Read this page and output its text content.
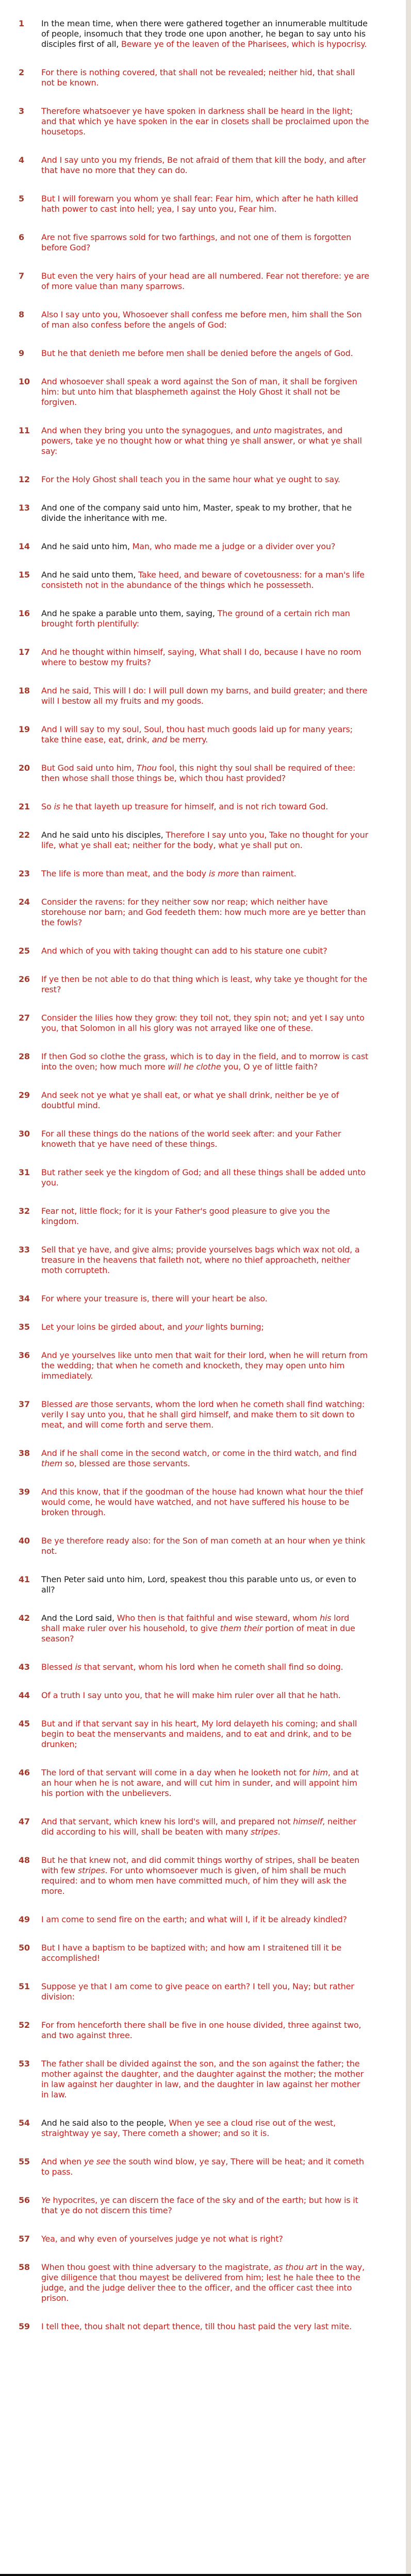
1	In the mean time, when there were gathered together an innumerable multitude of people, insomuch that they trode one upon another, he began to say unto his disciples first of all, Beware ye of the leaven of the Pharisees, which is hypocrisy.
2	For there is nothing covered, that shall not be revealed; neither hid, that shall not be known.
3	Therefore whatsoever ye have spoken in darkness shall be heard in the light; and that which ye have spoken in the ear in closets shall be proclaimed upon the housetops.
4	And I say unto you my friends, Be not afraid of them that kill the body, and after that have no more that they can do.
5	But I will forewarn you whom ye shall fear: Fear him, which after he hath killed hath power to cast into hell; yea, I say unto you, Fear him.
6	Are not five sparrows sold for two farthings, and not one of them is forgotten before God?
7	But even the very hairs of your head are all numbered. Fear not therefore: ye are of more value than many sparrows.
8	Also I say unto you, Whosoever shall confess me before men, him shall the Son of man also confess before the angels of God:
9	But he that denieth me before men shall be denied before the angels of God.
10	And whosoever shall speak a word against the Son of man, it shall be forgiven him: but unto him that blasphemeth against the Holy Ghost it shall not be forgiven.
11	And when they bring you unto the synagogues, and unto magistrates, and powers, take ye no thought how or what thing ye shall answer, or what ye shall say:
12	For the Holy Ghost shall teach you in the same hour what ye ought to say.
13	And one of the company said unto him, Master, speak to my brother, that he divide the inheritance with me.
14	And he said unto him, Man, who made me a judge or a divider over you?
15	And he said unto them, Take heed, and beware of covetousness: for a man's life consisteth not in the abundance of the things which he possesseth.
16	And he spake a parable unto them, saying, The ground of a certain rich man brought forth plentifully:
17	And he thought within himself, saying, What shall I do, because I have no room where to bestow my fruits?
18	And he said, This will I do: I will pull down my barns, and build greater; and there will I bestow all my fruits and my goods.
19	And I will say to my soul, Soul, thou hast much goods laid up for many years; take thine ease, eat, drink, and be merry.
20	But God said unto him, Thou fool, this night thy soul shall be required of thee: then whose shall those things be, which thou hast provided?
21	So is he that layeth up treasure for himself, and is not rich toward God.
22	And he said unto his disciples, Therefore I say unto you, Take no thought for your life, what ye shall eat; neither for the body, what ye shall put on.
23	The life is more than meat, and the body is more than raiment.
24	Consider the ravens: for they neither sow nor reap; which neither have storehouse nor barn; and God feedeth them: how much more are ye better than the fowls?
25	And which of you with taking thought can add to his stature one cubit?
26	If ye then be not able to do that thing which is least, why take ye thought for the rest?
27	Consider the lilies how they grow: they toil not, they spin not; and yet I say unto you, that Solomon in all his glory was not arrayed like one of these.
28	If then God so clothe the grass, which is to day in the field, and to morrow is cast into the oven; how much more will he clothe you, O ye of little faith?
29	And seek not ye what ye shall eat, or what ye shall drink, neither be ye of doubtful mind.
30	For all these things do the nations of the world seek after: and your Father knoweth that ye have need of these things.
31	But rather seek ye the kingdom of God; and all these things shall be added unto you.
32	Fear not, little flock; for it is your Father's good pleasure to give you the kingdom.
33	Sell that ye have, and give alms; provide yourselves bags which wax not old, a treasure in the heavens that faileth not, where no thief approacheth, neither moth corrupteth.
34	For where your treasure is, there will your heart be also.
35	Let your loins be girded about, and your lights burning;
36	And ye yourselves like unto men that wait for their lord, when he will return from the wedding; that when he cometh and knocketh, they may open unto him immediately.
37	Blessed are those servants, whom the lord when he cometh shall find watching: verily I say unto you, that he shall gird himself, and make them to sit down to meat, and will come forth and serve them.
38	And if he shall come in the second watch, or come in the third watch, and find them so, blessed are those servants.
39	And this know, that if the goodman of the house had known what hour the thief would come, he would have watched, and not have suffered his house to be broken through.
40	Be ye therefore ready also: for the Son of man cometh at an hour when ye think not.
41	Then Peter said unto him, Lord, speakest thou this parable unto us, or even to all?
42	And the Lord said, Who then is that faithful and wise steward, whom his lord shall make ruler over his household, to give them their portion of meat in due season?
43	Blessed is that servant, whom his lord when he cometh shall find so doing.
44	Of a truth I say unto you, that he will make him ruler over all that he hath.
45	But and if that servant say in his heart, My lord delayeth his coming; and shall begin to beat the menservants and maidens, and to eat and drink, and to be drunken;
46	The lord of that servant will come in a day when he looketh not for him, and at an hour when he is not aware, and will cut him in sunder, and will appoint him his portion with the unbelievers.
47	And that servant, which knew his lord's will, and prepared not himself, neither did according to his will, shall be beaten with many stripes.
48	But he that knew not, and did commit things worthy of stripes, shall be beaten with few stripes. For unto whomsoever much is given, of him shall be much required: and to whom men have committed much, of him they will ask the more.
49	I am come to send fire on the earth; and what will I, if it be already kindled?
50	But I have a baptism to be baptized with; and how am I straitened till it be accomplished!
51	Suppose ye that I am come to give peace on earth? I tell you, Nay; but rather division:
52	For from henceforth there shall be five in one house divided, three against two, and two against three.
53	The father shall be divided against the son, and the son against the father; the mother against the daughter, and the daughter against the mother; the mother in law against her daughter in law, and the daughter in law against her mother in law.
54	And he said also to the people, When ye see a cloud rise out of the west, straightway ye say, There cometh a shower; and so it is.
55	And when ye see the south wind blow, ye say, There will be heat; and it cometh to pass.
56	Ye hypocrites, ye can discern the face of the sky and of the earth; but how is it that ye do not discern this time?
57	Yea, and why even of yourselves judge ye not what is right?
58	When thou goest with thine adversary to the magistrate, as thou art in the way, give diligence that thou mayest be delivered from him; lest he hale thee to the judge, and the judge deliver thee to the officer, and the officer cast thee into prison.
59	I tell thee, thou shalt not depart thence, till thou hast paid the very last mite.
